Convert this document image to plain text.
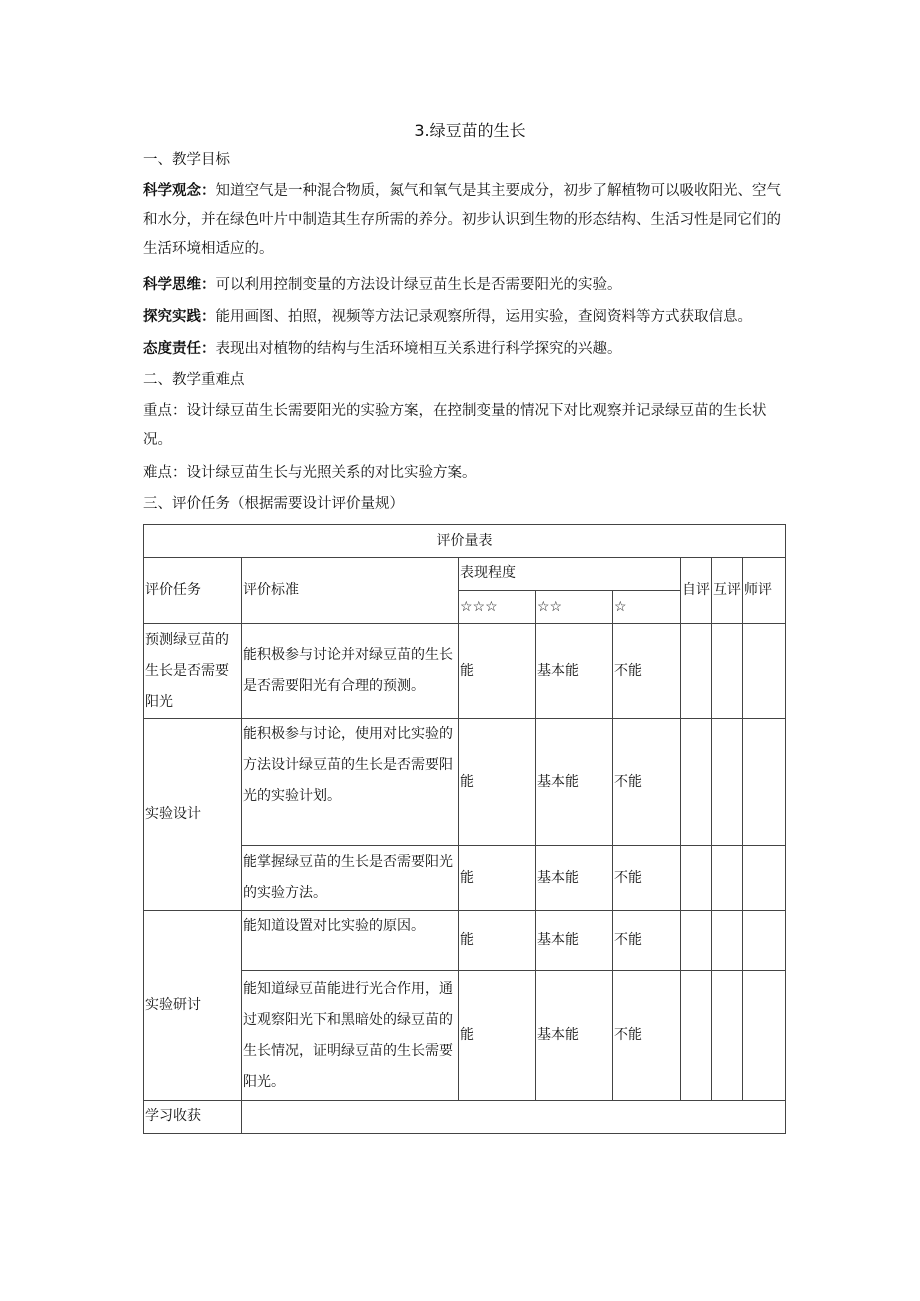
3.绿豆苗的生长
一、教学目标
科学观念：知道空气是一种混合物质，氮气和氧气是其主要成分，初步了解植物可以吸收阳光、空气和水分，并在绿色叶片中制造其生存所需的养分。初步认识到生物的形态结构、生活习性是同它们的生活环境相适应的。
科学思维：可以利用控制变量的方法设计绿豆苗生长是否需要阳光的实验。
探究实践：能用画图、拍照，视频等方法记录观察所得，运用实验，查阅资料等方式获取信息。
态度责任：表现出对植物的结构与生活环境相互关系进行科学探究的兴趣。
二、教学重难点
重点：设计绿豆苗生长需要阳光的实验方案，在控制变量的情况下对比观察并记录绿豆苗的生长状况。
难点：设计绿豆苗生长与光照关系的对比实验方案。
三、评价任务（根据需要设计评价量规）
评价量表							
评价任务	评价标准	表现程度			自评	互评	师评
		☆☆☆	☆☆	☆			
预测绿豆苗的生长是否需要阳光	能积极参与讨论并对绿豆苗的生长是否需要阳光有合理的预测。	能	基本能	不能			
实验设计	能积极参与讨论，使用对比实验的方法设计绿豆苗的生长是否需要阳光的实验计划。	能	基本能	不能			
	能掌握绿豆苗的生长是否需要阳光的实验方法。	能	基本能	不能			
实验研讨	能知道设置对比实验的原因。	能	基本能	不能			
	能知道绿豆苗能进行光合作用，通过观察阳光下和黑暗处的绿豆苗的生长情况，证明绿豆苗的生长需要阳光。	能	基本能	不能			
学习收获							
